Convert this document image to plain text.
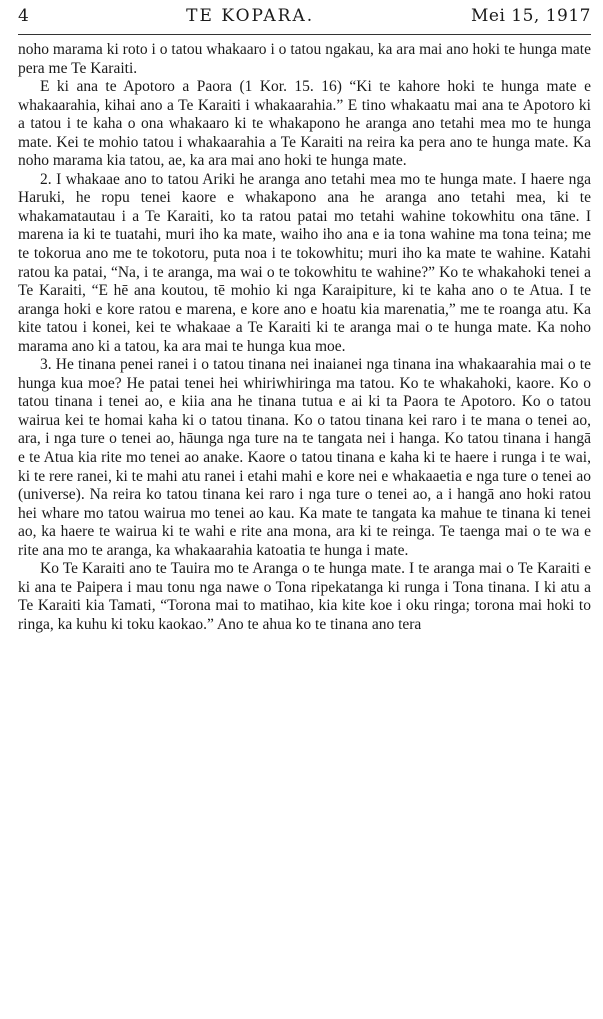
4	TE KOPARA.	Mei 15, 1917

noho marama ki roto i o tatou whakaaro i o tatou ngakau, ka ara mai ano hoki te hunga mate pera me Te Karaiti.

E ki ana te Apotoro a Paora (1 Kor. 15. 16) “Ki te kahore hoki te hunga mate e whakaarahia, kihai ano a Te Karaiti i whakaarahia.” E tino whakaatu mai ana te Apotoro ki a tatou i te kaha o ona whakaaro ki te whakapono he aranga ano tetahi mea mo te hunga mate. Kei te mohio tatou i whakaarahia a Te Karaiti na reira ka pera ano te hunga mate. Ka noho marama kia tatou, ae, ka ara mai ano hoki te hunga mate.

2. I whakaae ano to tatou Ariki he aranga ano tetahi mea mo te hunga mate. I haere nga Haruki, he ropu tenei kaore e whakapono ana he aranga ano tetahi mea, ki te whakamatautau i a Te Karaiti, ko ta ratou patai mo tetahi wahine tokowhitu ona tāne. I marena ia ki te tuatahi, muri iho ka mate, waiho iho ana e ia tona wahine ma tona teina; me te tokorua ano me te tokotoru, puta noa i te tokowhitu; muri iho ka mate te wahine. Katahi ratou ka patai, “Na, i te aranga, ma wai o te tokowhitu te wahine?” Ko te whakahoki tenei a Te Karaiti, “E hē ana koutou, tē mohio ki nga Karaipiture, ki te kaha ano o te Atua. I te aranga hoki e kore ratou e marena, e kore ano e hoatu kia marenatia,” me te roanga atu. Ka kite tatou i konei, kei te whakaae a Te Karaiti ki te aranga mai o te hunga mate. Ka noho marama ano ki a tatou, ka ara mai te hunga kua moe.

3. He tinana penei ranei i o tatou tinana nei inaianei nga tinana ina whakaarahia mai o te hunga kua moe? He patai tenei hei whiriwhiringa ma tatou. Ko te whakahoki, kaore. Ko o tatou tinana i tenei ao, e kiia ana he tinana tutua e ai ki ta Paora te Apotoro. Ko o tatou wairua kei te homai kaha ki o tatou tinana. Ko o tatou tinana kei raro i te mana o tenei ao, ara, i nga ture o tenei ao, hāunga nga ture na te tangata nei i hanga. Ko tatou tinana i hangā e te Atua kia rite mo tenei ao anake. Kaore o tatou tinana e kaha ki te haere i runga i te wai, ki te rere ranei, ki te mahi atu ranei i etahi mahi e kore nei e whakaaetia e nga ture o tenei ao (universe). Na reira ko tatou tinana kei raro i nga ture o tenei ao, a i hangā ano hoki ratou hei whare mo tatou wairua mo tenei ao kau. Ka mate te tangata ka mahue te tinana ki tenei ao, ka haere te wairua ki te wahi e rite ana mona, ara ki te reinga. Te taenga mai o te wa e rite ana mo te aranga, ka whakaarahia katoatia te hunga i mate.

Ko Te Karaiti ano te Tauira mo te Aranga o te hunga mate. I te aranga mai o Te Karaiti e ki ana te Paipera i mau tonu nga nawe o Tona ripekatanga ki runga i Tona tinana. I ki atu a Te Karaiti kia Tamati, “Torona mai to matihao, kia kite koe i oku ringa; torona mai hoki to ringa, ka kuhu ki toku kaokao.” Ano te ahua ko te tinana ano tera
